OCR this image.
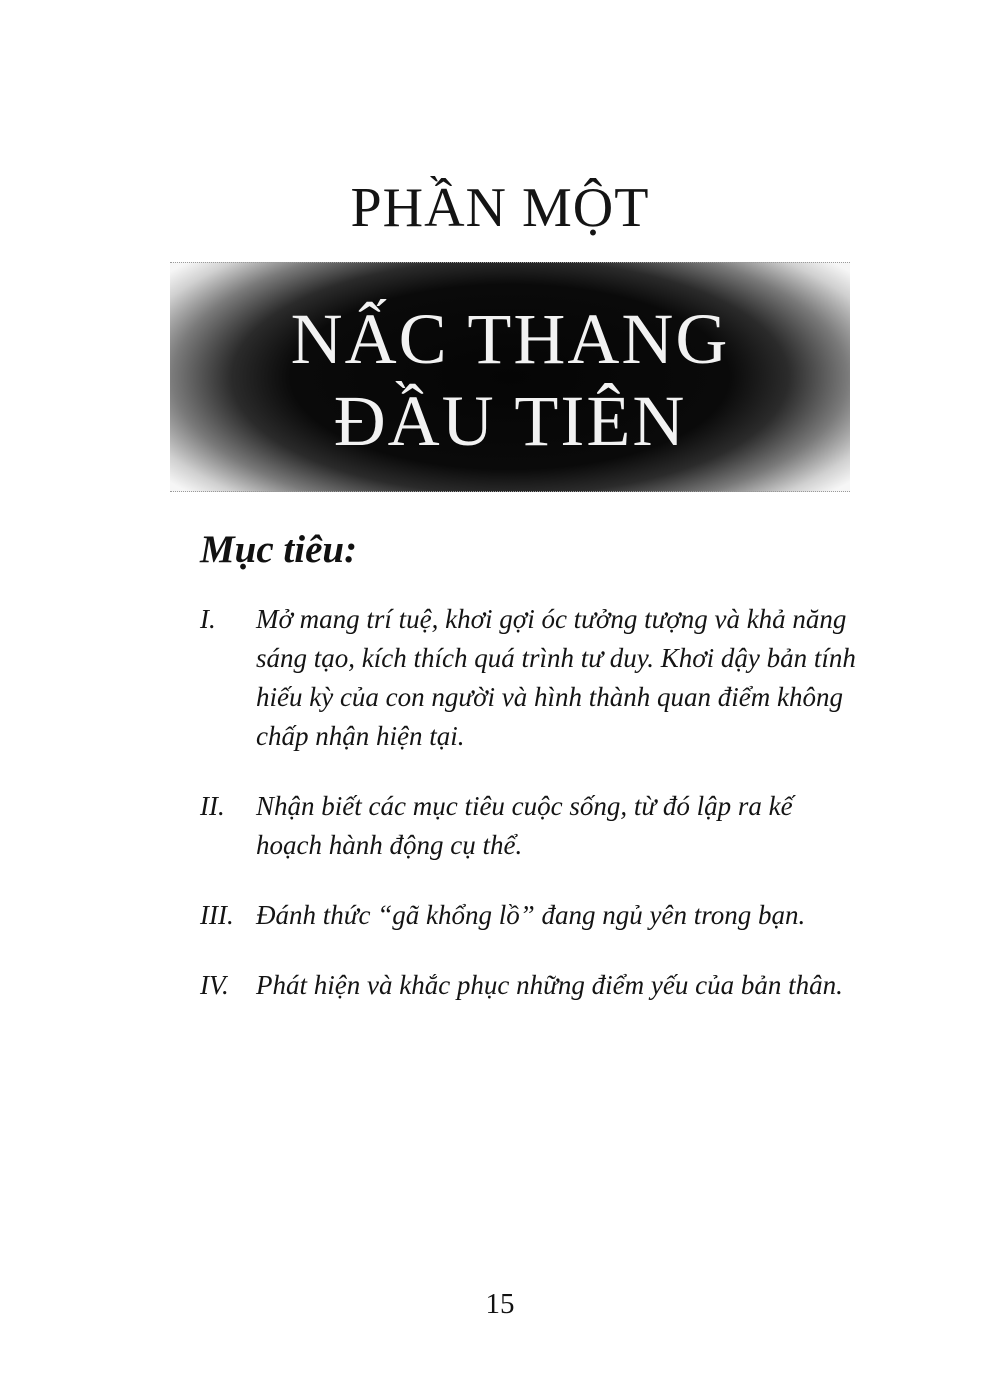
PHẦN MỘT
NẤC THANG
ĐẦU TIÊN
Mục tiêu:
I.	Mở mang trí tuệ, khơi gợi óc tưởng tượng và khả năng sáng tạo, kích thích quá trình tư duy. Khơi dậy bản tính hiếu kỳ của con người và hình thành quan điểm không chấp nhận hiện tại.
II.	Nhận biết các mục tiêu cuộc sống, từ đó lập ra kế hoạch hành động cụ thể.
III. Đánh thức “gã khổng lồ” đang ngủ yên trong bạn.
IV.	Phát hiện và khắc phục những điểm yếu của bản thân.
15
